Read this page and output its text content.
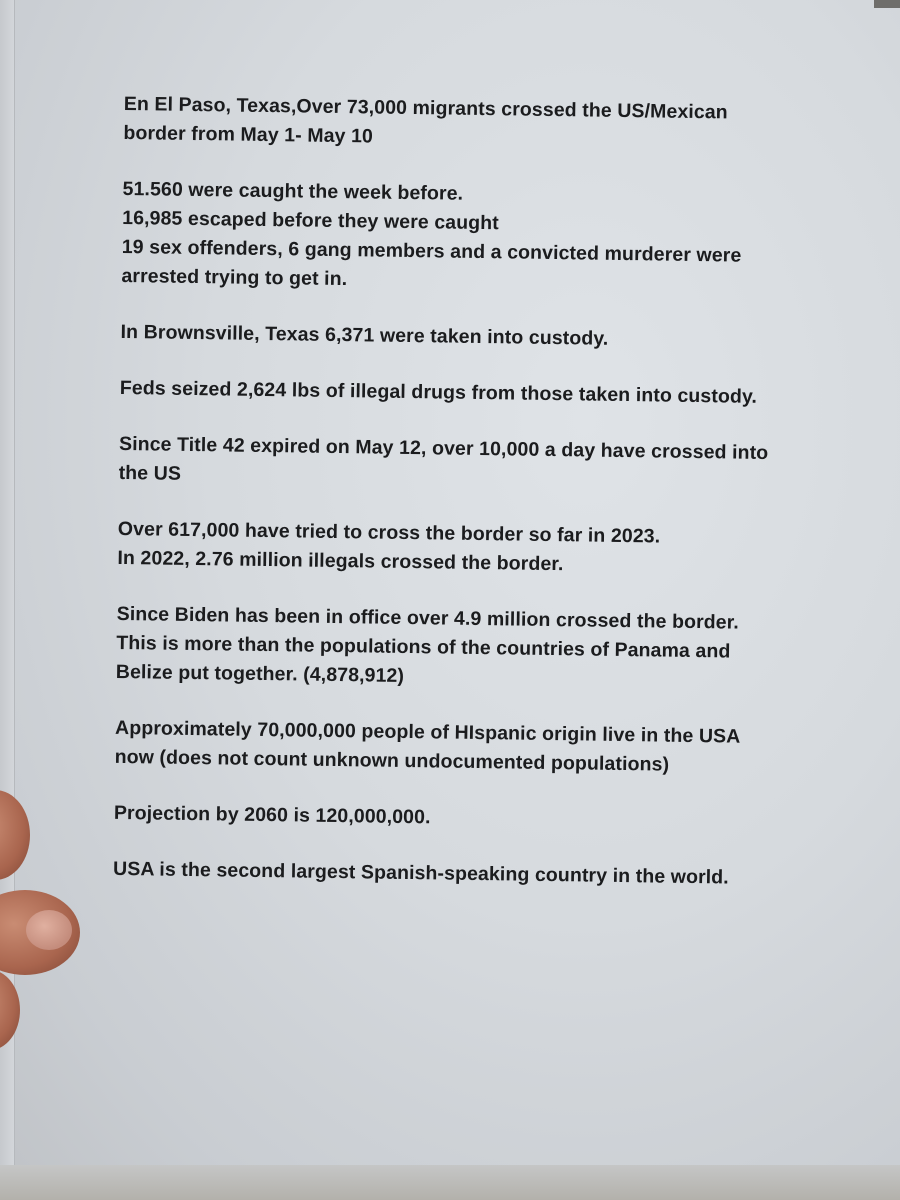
En El Paso, Texas,Over 73,000 migrants crossed the US/Mexican
border from May 1- May 10
51.560 were caught the week before.
16,985 escaped before they were caught
19 sex offenders, 6 gang members and a convicted murderer were
arrested trying to get in.
In Brownsville, Texas 6,371 were taken into custody.
Feds seized 2,624 lbs of illegal drugs from those taken into custody.
Since Title 42 expired on May 12, over 10,000 a day have crossed into
the US
Over 617,000 have tried to cross the border so far in 2023.
In 2022, 2.76 million illegals crossed the border.
Since Biden has been in office over 4.9 million crossed the border.
This is more than the populations of the countries of Panama and
Belize put together. (4,878,912)
Approximately 70,000,000 people of HIspanic origin live in the USA
now (does not count unknown undocumented populations)
Projection by 2060 is 120,000,000.
USA is the second largest Spanish-speaking country in the world.
